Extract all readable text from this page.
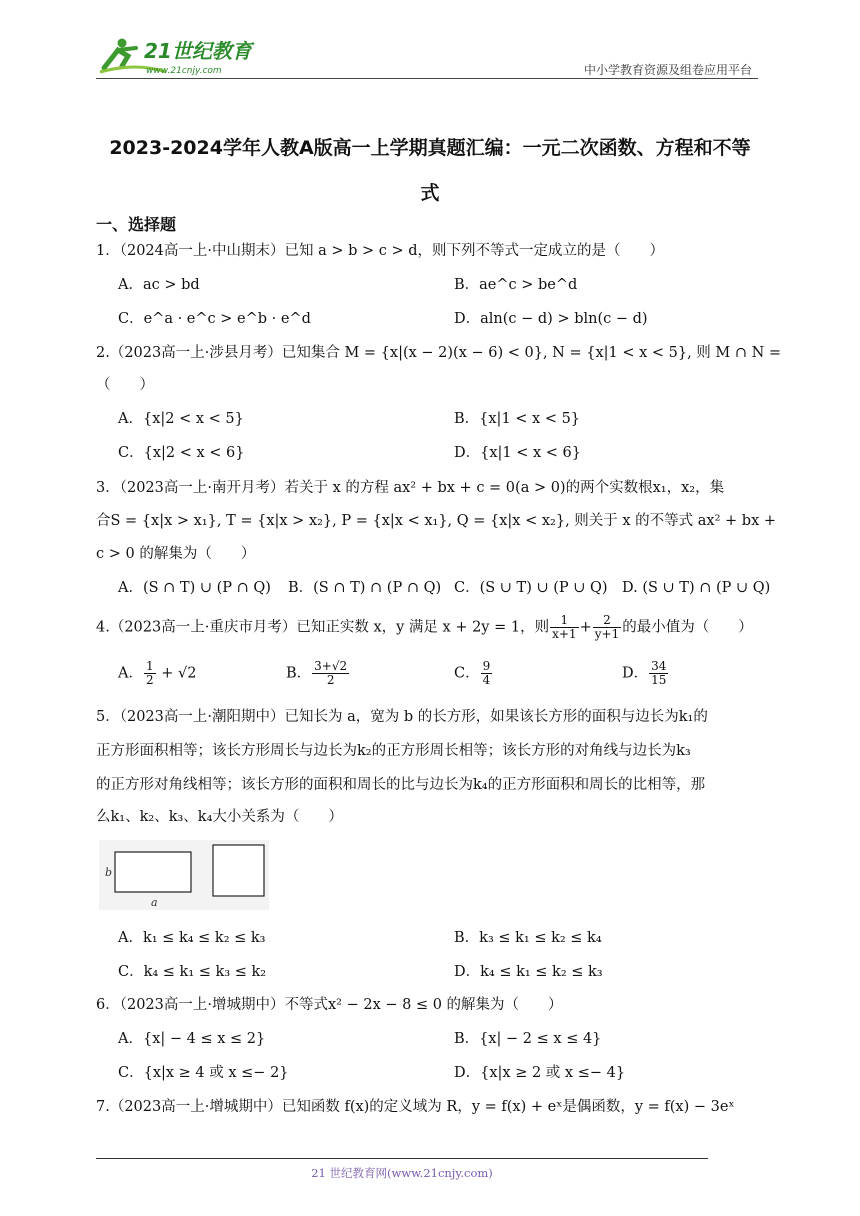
21世纪教育
www.21cnjy.com	中小学教育资源及组卷应用平台
2023-2024学年人教A版高一上学期真题汇编：一元二次函数、方程和不等
式
一、选择题
1．（2024高一上·中山期末）已知 a > b > c > d，则下列不等式一定成立的是（　　）
A．ac > bd	B．ae^c > be^d
C．e^a · e^c > e^b · e^d	D．aln(c − d) > bln(c − d)
2.（2023高一上·涉县月考）已知集合 M = {x|(x − 2)(x − 6) < 0}, N = {x|1 < x < 5}, 则 M ∩ N =
（　　）
A．{x|2 < x < 5}	B．{x|1 < x < 5}
C．{x|2 < x < 6}	D．{x|1 < x < 6}
3．（2023高一上·南开月考）若关于 x 的方程 ax² + bx + c = 0(a > 0)的两个实数根x₁，x₂，集
合S = {x|x > x₁}, T = {x|x > x₂}, P = {x|x < x₁}, Q = {x|x < x₂}, 则关于 x 的不等式 ax² + bx +
c > 0 的解集为（　　）
A．(S ∩ T) ∪ (P ∩ Q) B．(S ∩ T) ∩ (P ∩ Q) C．(S ∪ T) ∪ (P ∪ Q) D. (S ∪ T) ∩ (P ∪ Q)
4.（2023高一上·重庆市月考）已知正实数 x，y 满足 x + 2y = 1，则 $\frac{1}{x+1} + \frac{2}{y+1}$ 的最小值为（　　）
A． $\frac{1}{2} + √2$	B． $\frac{3+√2}{2}$	C． $\frac{9}{4}$	D． $\frac{34}{15}$
5．（2023高一上·潮阳期中）已知长为 a，宽为 b 的长方形，如果该长方形的面积与边长为k₁的
正方形面积相等；该长方形周长与边长为k₂的正方形周长相等；该长方形的对角线与边长为k₃
的正方形对角线相等；该长方形的面积和周长的比与边长为k₄的正方形面积和周长的比相等，那
么k₁、k₂、k₃、k₄大小关系为（　　）
b
a
A．k₁ ≤ k₄ ≤ k₂ ≤ k₃	B．k₃ ≤ k₁ ≤ k₂ ≤ k₄
C．k₄ ≤ k₁ ≤ k₃ ≤ k₂	D．k₄ ≤ k₁ ≤ k₂ ≤ k₃
6．（2023高一上·增城期中）不等式x² − 2x − 8 ≤ 0 的解集为（　　）
A．{x| − 4 ≤ x ≤ 2}	B．{x| − 2 ≤ x ≤ 4}
C．{x|x ≥ 4 或 x ≤− 2}	D．{x|x ≥ 2 或 x ≤− 4}
7.（2023高一上·增城期中）已知函数 f(x)的定义域为 R，y = f(x) + eˣ是偶函数，y = f(x) − 3eˣ
21 世纪教育网(www.21cnjy.com)
